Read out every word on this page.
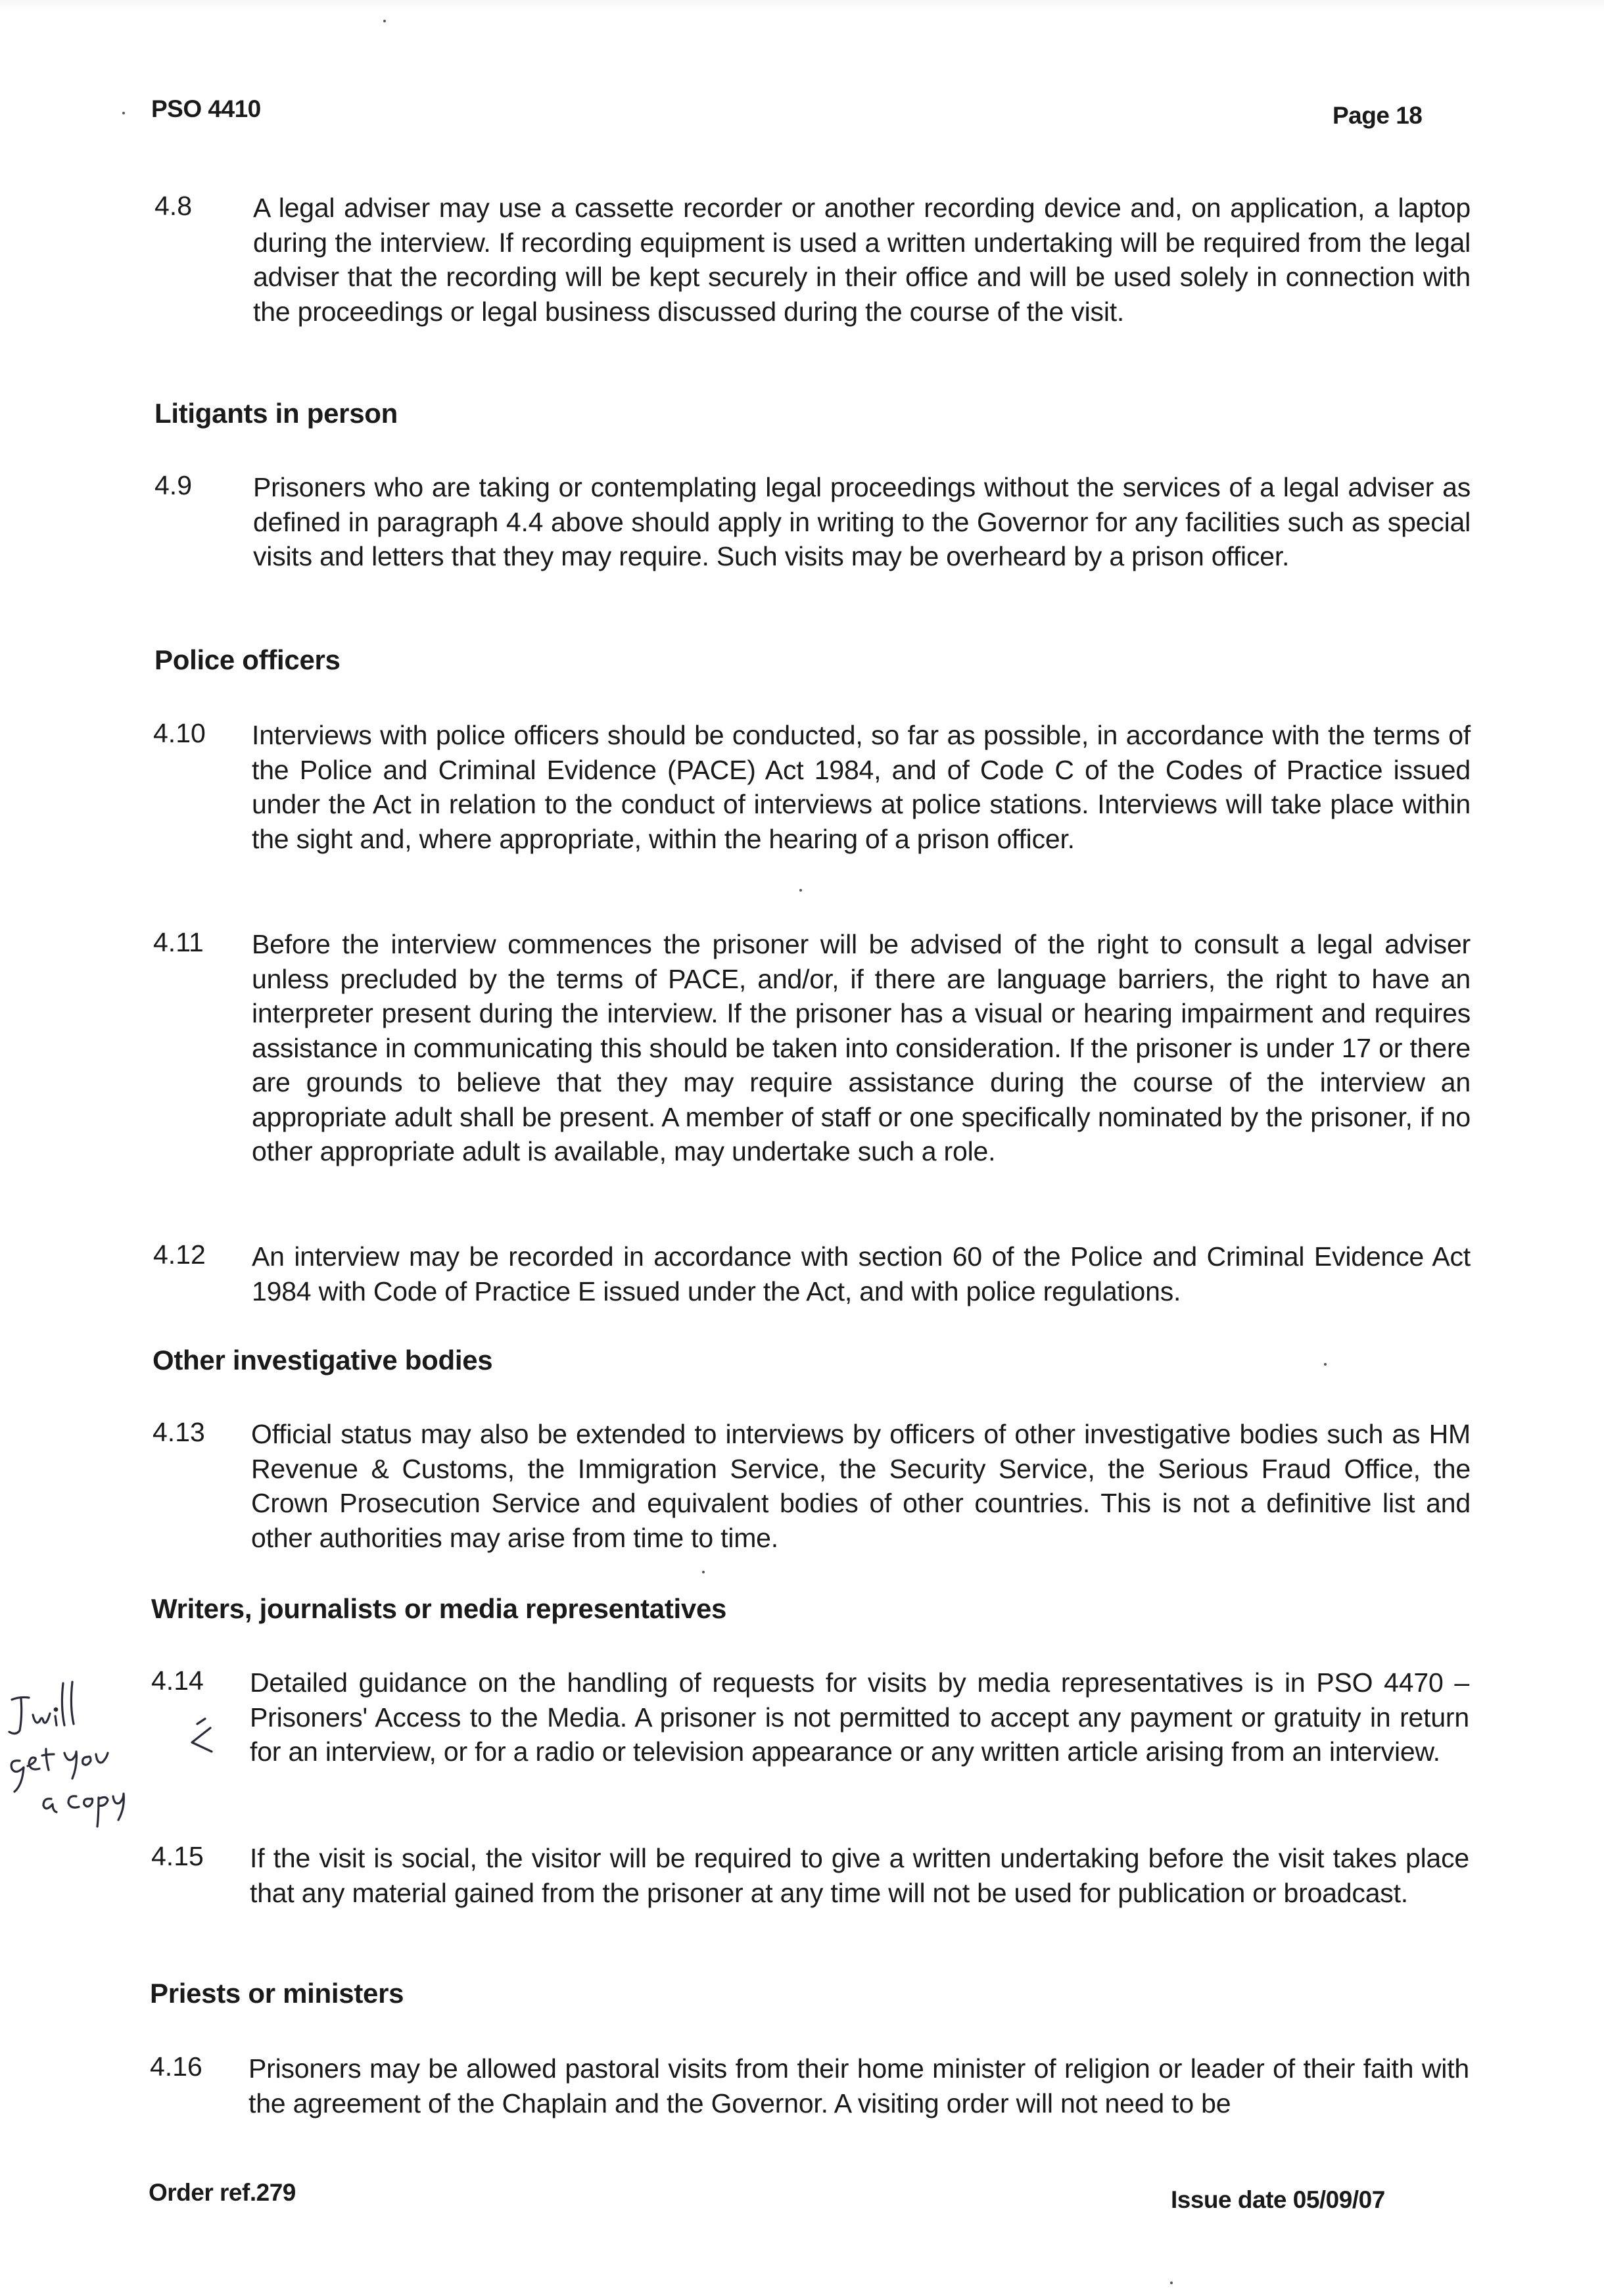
PSO 4410	Page 18
4.8 A legal adviser may use a cassette recorder or another recording device and, on application, a laptop during the interview. If recording equipment is used a written undertaking will be required from the legal adviser that the recording will be kept securely in their office and will be used solely in connection with the proceedings or legal business discussed during the course of the visit.
Litigants in person
4.9 Prisoners who are taking or contemplating legal proceedings without the services of a legal adviser as defined in paragraph 4.4 above should apply in writing to the Governor for any facilities such as special visits and letters that they may require. Such visits may be overheard by a prison officer.
Police officers
4.10 Interviews with police officers should be conducted, so far as possible, in accordance with the terms of the Police and Criminal Evidence (PACE) Act 1984, and of Code C of the Codes of Practice issued under the Act in relation to the conduct of interviews at police stations. Interviews will take place within the sight and, where appropriate, within the hearing of a prison officer.
4.11 Before the interview commences the prisoner will be advised of the right to consult a legal adviser unless precluded by the terms of PACE, and/or, if there are language barriers, the right to have an interpreter present during the interview. If the prisoner has a visual or hearing impairment and requires assistance in communicating this should be taken into consideration. If the prisoner is under 17 or there are grounds to believe that they may require assistance during the course of the interview an appropriate adult shall be present. A member of staff or one specifically nominated by the prisoner, if no other appropriate adult is available, may undertake such a role.
4.12 An interview may be recorded in accordance with section 60 of the Police and Criminal Evidence Act 1984 with Code of Practice E issued under the Act, and with police regulations.
Other investigative bodies
4.13 Official status may also be extended to interviews by officers of other investigative bodies such as HM Revenue & Customs, the Immigration Service, the Security Service, the Serious Fraud Office, the Crown Prosecution Service and equivalent bodies of other countries. This is not a definitive list and other authorities may arise from time to time.
Writers, journalists or media representatives
4.14 Detailed guidance on the handling of requests for visits by media representatives is in PSO 4470 – Prisoners' Access to the Media. A prisoner is not permitted to accept any payment or gratuity in return for an interview, or for a radio or television appearance or any written article arising from an interview.
4.15 If the visit is social, the visitor will be required to give a written undertaking before the visit takes place that any material gained from the prisoner at any time will not be used for publication or broadcast.
Priests or ministers
4.16 Prisoners may be allowed pastoral visits from their home minister of religion or leader of their faith with the agreement of the Chaplain and the Governor. A visiting order will not need to be
Order ref.279	Issue date 05/09/07
